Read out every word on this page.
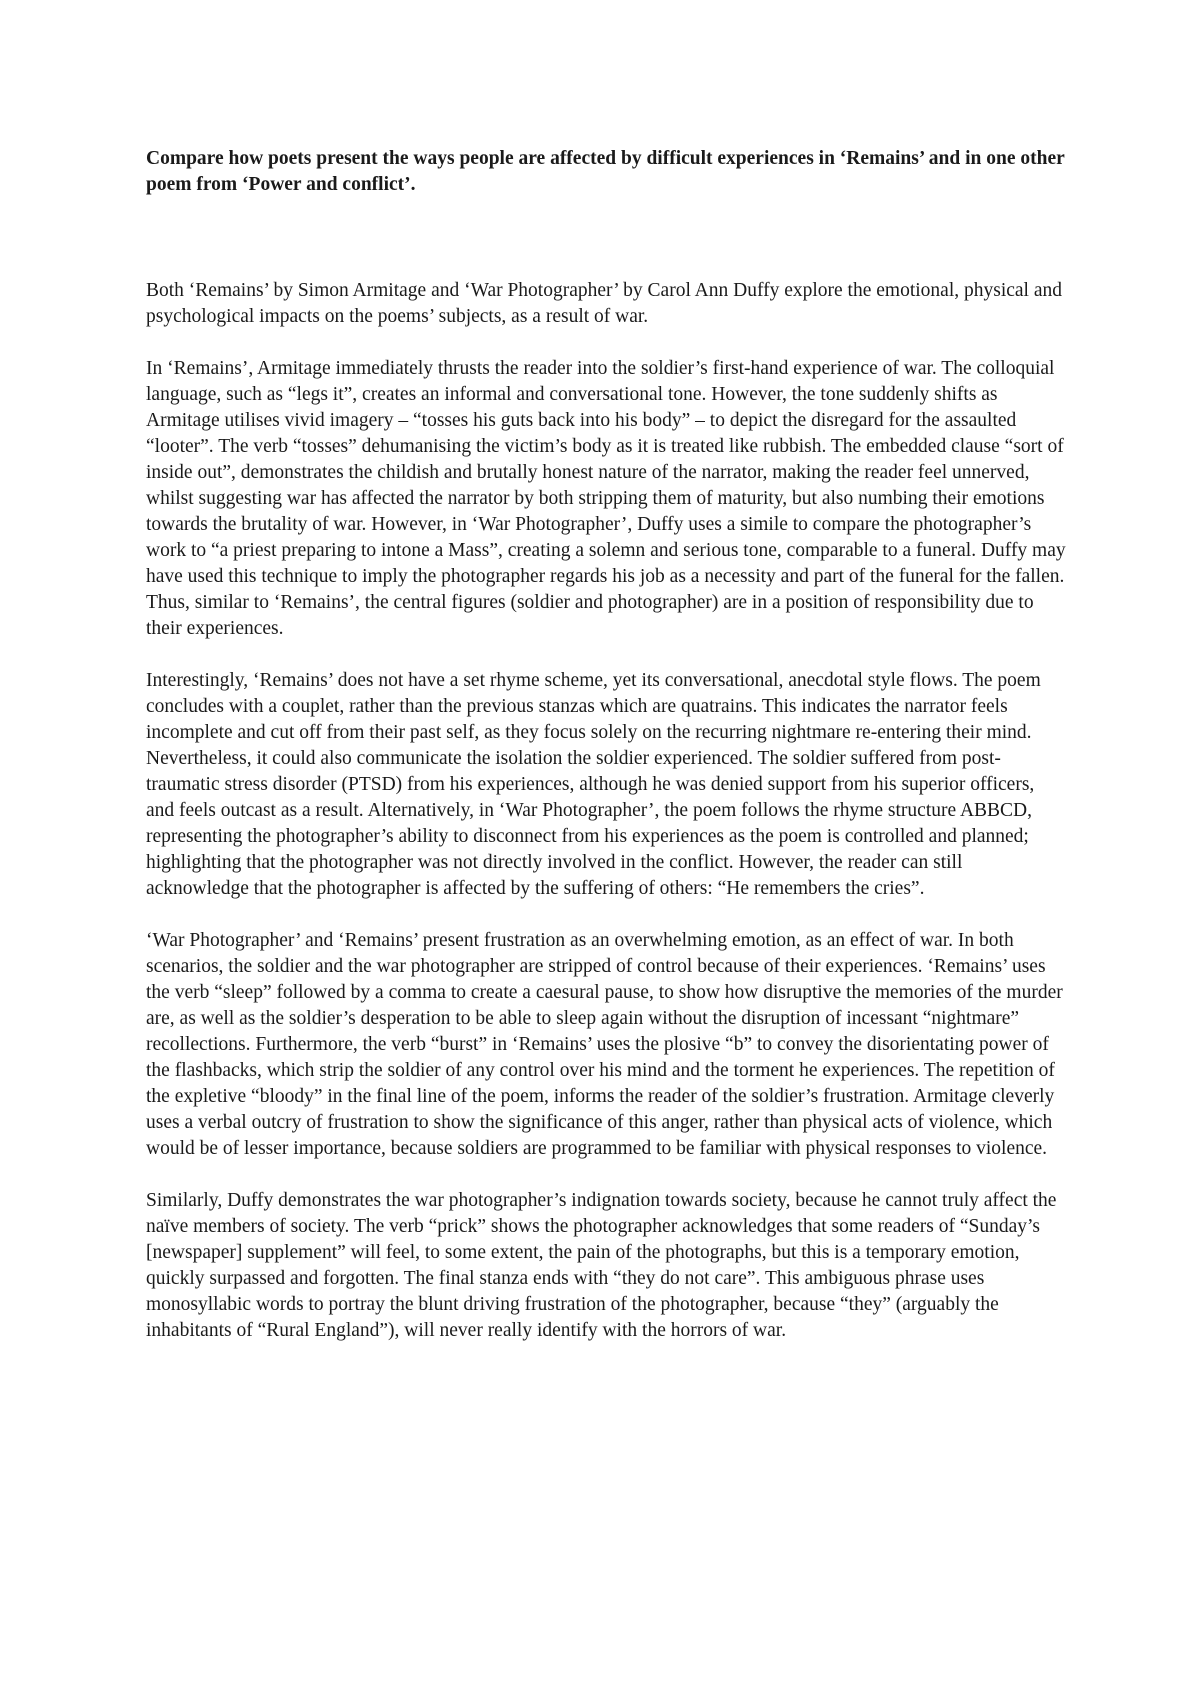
Compare how poets present the ways people are affected by difficult experiences in ‘Remains’ and in one other poem from ‘Power and conflict’.

Both ‘Remains’ by Simon Armitage and ‘War Photographer’ by Carol Ann Duffy explore the emotional, physical and psychological impacts on the poems’ subjects, as a result of war.

In ‘Remains’, Armitage immediately thrusts the reader into the soldier’s first-hand experience of war. The colloquial language, such as “legs it”, creates an informal and conversational tone. However, the tone suddenly shifts as Armitage utilises vivid imagery – “tosses his guts back into his body” – to depict the disregard for the assaulted “looter”. The verb “tosses” dehumanising the victim’s body as it is treated like rubbish. The embedded clause “sort of inside out”, demonstrates the childish and brutally honest nature of the narrator, making the reader feel unnerved, whilst suggesting war has affected the narrator by both stripping them of maturity, but also numbing their emotions towards the brutality of war. However, in ‘War Photographer’, Duffy uses a simile to compare the photographer’s work to “a priest preparing to intone a Mass”, creating a solemn and serious tone, comparable to a funeral. Duffy may have used this technique to imply the photographer regards his job as a necessity and part of the funeral for the fallen. Thus, similar to ‘Remains’, the central figures (soldier and photographer) are in a position of responsibility due to their experiences.

Interestingly, ‘Remains’ does not have a set rhyme scheme, yet its conversational, anecdotal style flows. The poem concludes with a couplet, rather than the previous stanzas which are quatrains. This indicates the narrator feels incomplete and cut off from their past self, as they focus solely on the recurring nightmare re-entering their mind. Nevertheless, it could also communicate the isolation the soldier experienced. The soldier suffered from post-traumatic stress disorder (PTSD) from his experiences, although he was denied support from his superior officers, and feels outcast as a result. Alternatively, in ‘War Photographer’, the poem follows the rhyme structure ABBCD, representing the photographer’s ability to disconnect from his experiences as the poem is controlled and planned; highlighting that the photographer was not directly involved in the conflict. However, the reader can still acknowledge that the photographer is affected by the suffering of others: “He remembers the cries”.

‘War Photographer’ and ‘Remains’ present frustration as an overwhelming emotion, as an effect of war. In both scenarios, the soldier and the war photographer are stripped of control because of their experiences. ‘Remains’ uses the verb “sleep” followed by a comma to create a caesural pause, to show how disruptive the memories of the murder are, as well as the soldier’s desperation to be able to sleep again without the disruption of incessant “nightmare” recollections. Furthermore, the verb “burst” in ‘Remains’ uses the plosive “b” to convey the disorientating power of the flashbacks, which strip the soldier of any control over his mind and the torment he experiences. The repetition of the expletive “bloody” in the final line of the poem, informs the reader of the soldier’s frustration. Armitage cleverly uses a verbal outcry of frustration to show the significance of this anger, rather than physical acts of violence, which would be of lesser importance, because soldiers are programmed to be familiar with physical responses to violence.

Similarly, Duffy demonstrates the war photographer’s indignation towards society, because he cannot truly affect the naïve members of society. The verb “prick” shows the photographer acknowledges that some readers of “Sunday’s [newspaper] supplement” will feel, to some extent, the pain of the photographs, but this is a temporary emotion, quickly surpassed and forgotten. The final stanza ends with “they do not care”. This ambiguous phrase uses monosyllabic words to portray the blunt driving frustration of the photographer, because “they” (arguably the inhabitants of “Rural England”), will never really identify with the horrors of war.
